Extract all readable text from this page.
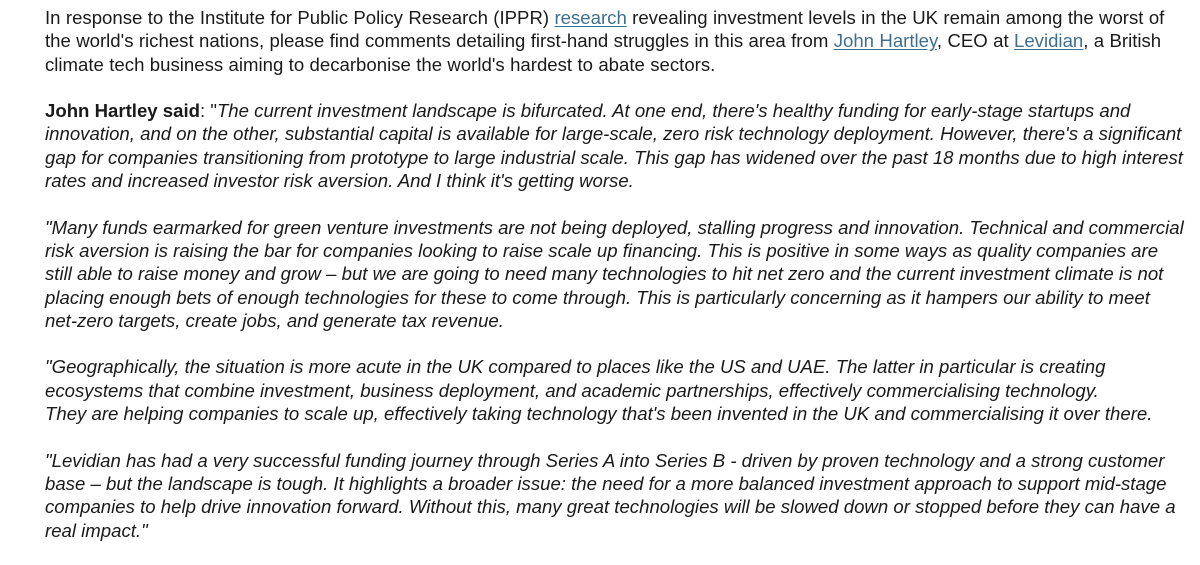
In response to the Institute for Public Policy Research (IPPR) research revealing investment levels in the UK remain among the worst of the world's richest nations, please find comments detailing first-hand struggles in this area from John Hartley, CEO at Levidian, a British climate tech business aiming to decarbonise the world's hardest to abate sectors.

John Hartley said: "The current investment landscape is bifurcated. At one end, there's healthy funding for early-stage startups and innovation, and on the other, substantial capital is available for large-scale, zero risk technology deployment. However, there's a significant gap for companies transitioning from prototype to large industrial scale. This gap has widened over the past 18 months due to high interest rates and increased investor risk aversion. And I think it's getting worse.

"Many funds earmarked for green venture investments are not being deployed, stalling progress and innovation. Technical and commercial risk aversion is raising the bar for companies looking to raise scale up financing. This is positive in some ways as quality companies are still able to raise money and grow – but we are going to need many technologies to hit net zero and the current investment climate is not placing enough bets of enough technologies for these to come through. This is particularly concerning as it hampers our ability to meet net-zero targets, create jobs, and generate tax revenue.

"Geographically, the situation is more acute in the UK compared to places like the US and UAE. The latter in particular is creating ecosystems that combine investment, business deployment, and academic partnerships, effectively commercialising technology.
They are helping companies to scale up, effectively taking technology that's been invented in the UK and commercialising it over there.

"Levidian has had a very successful funding journey through Series A into Series B - driven by proven technology and a strong customer base – but the landscape is tough. It highlights a broader issue: the need for a more balanced investment approach to support mid-stage companies to help drive innovation forward. Without this, many great technologies will be slowed down or stopped before they can have a real impact."
